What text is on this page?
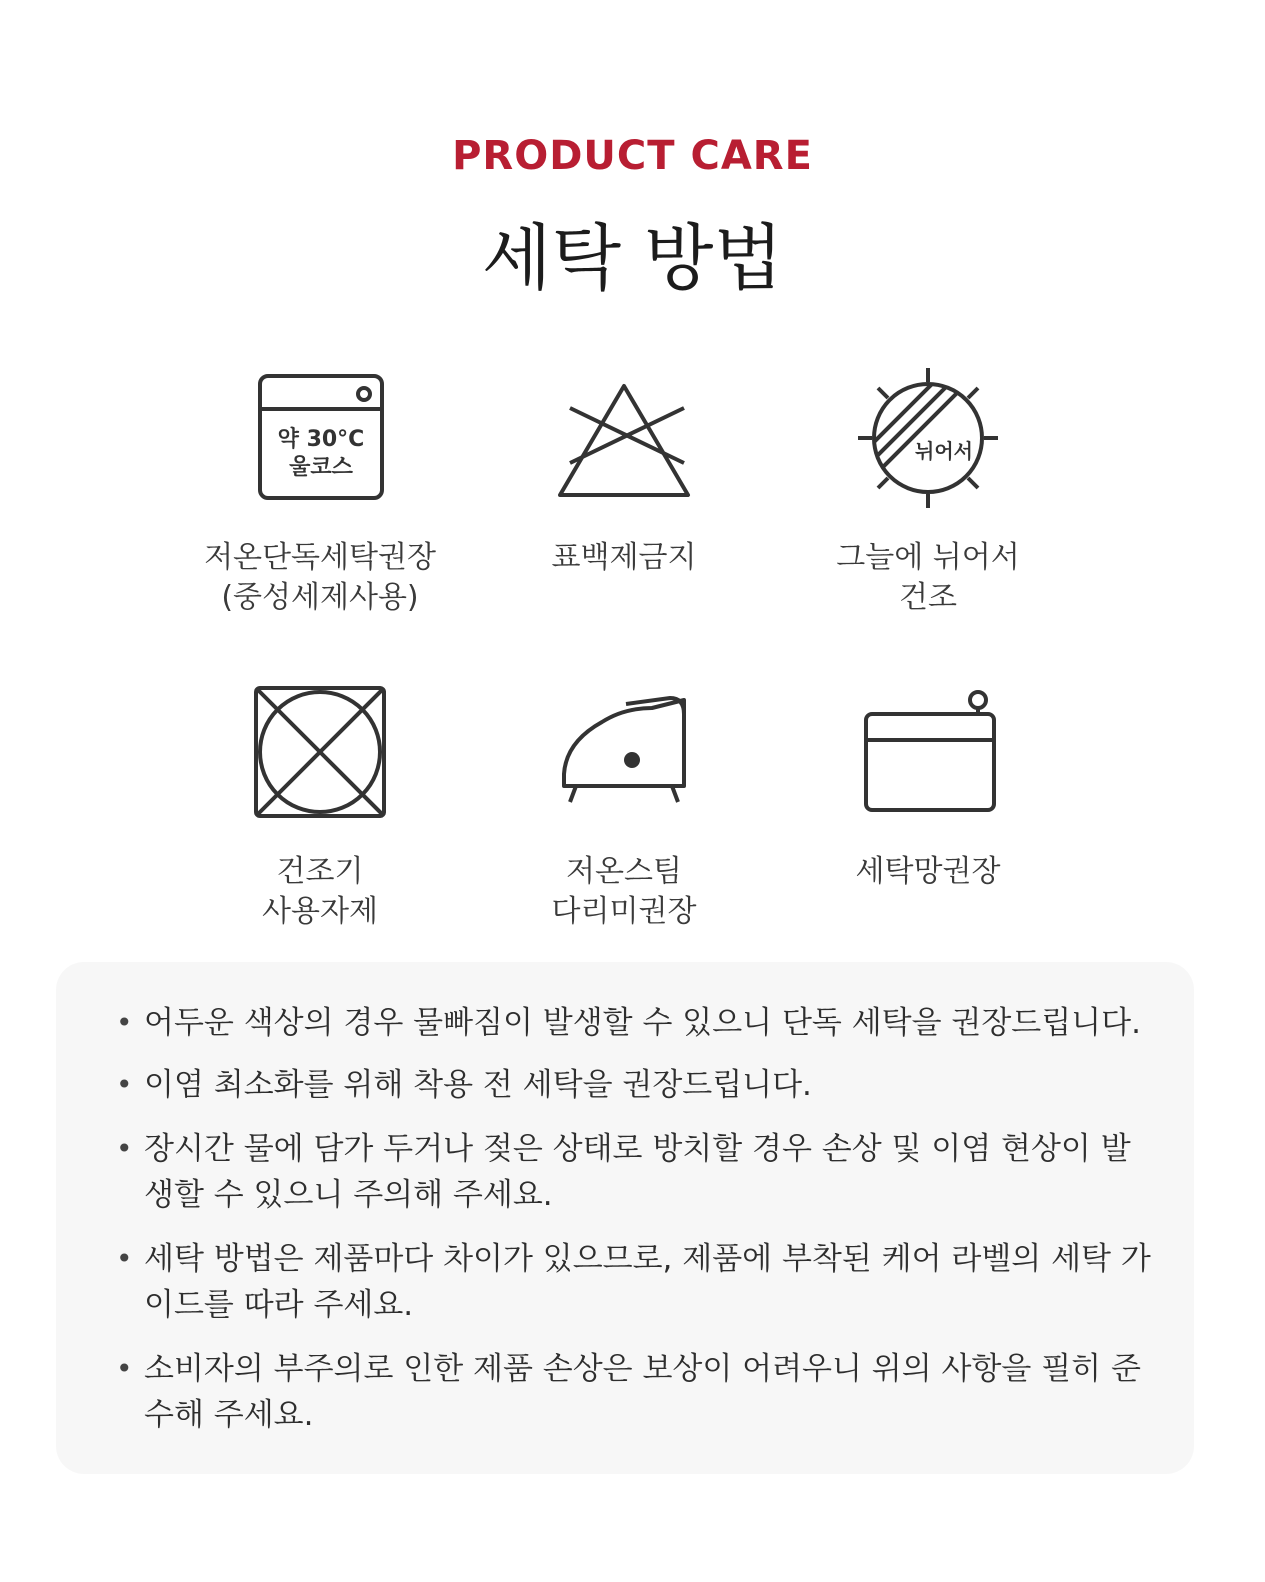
PRODUCT CARE
세탁 방법
약 30°C
울코스
저온단독세탁권장
(중성세제사용)
표백제금지
뉘어서
그늘에 뉘어서
건조
건조기
사용자제
저온스팀
다리미권장
세탁망권장
• 어두운 색상의 경우 물빠짐이 발생할 수 있으니 단독 세탁을 권장드립니다.
• 이염 최소화를 위해 착용 전 세탁을 권장드립니다.
• 장시간 물에 담가 두거나 젖은 상태로 방치할 경우 손상 및 이염 현상이 발생할 수 있으니 주의해 주세요.
• 세탁 방법은 제품마다 차이가 있으므로, 제품에 부착된 케어 라벨의 세탁 가이드를 따라 주세요.
• 소비자의 부주의로 인한 제품 손상은 보상이 어려우니 위의 사항을 필히 준수해 주세요.
